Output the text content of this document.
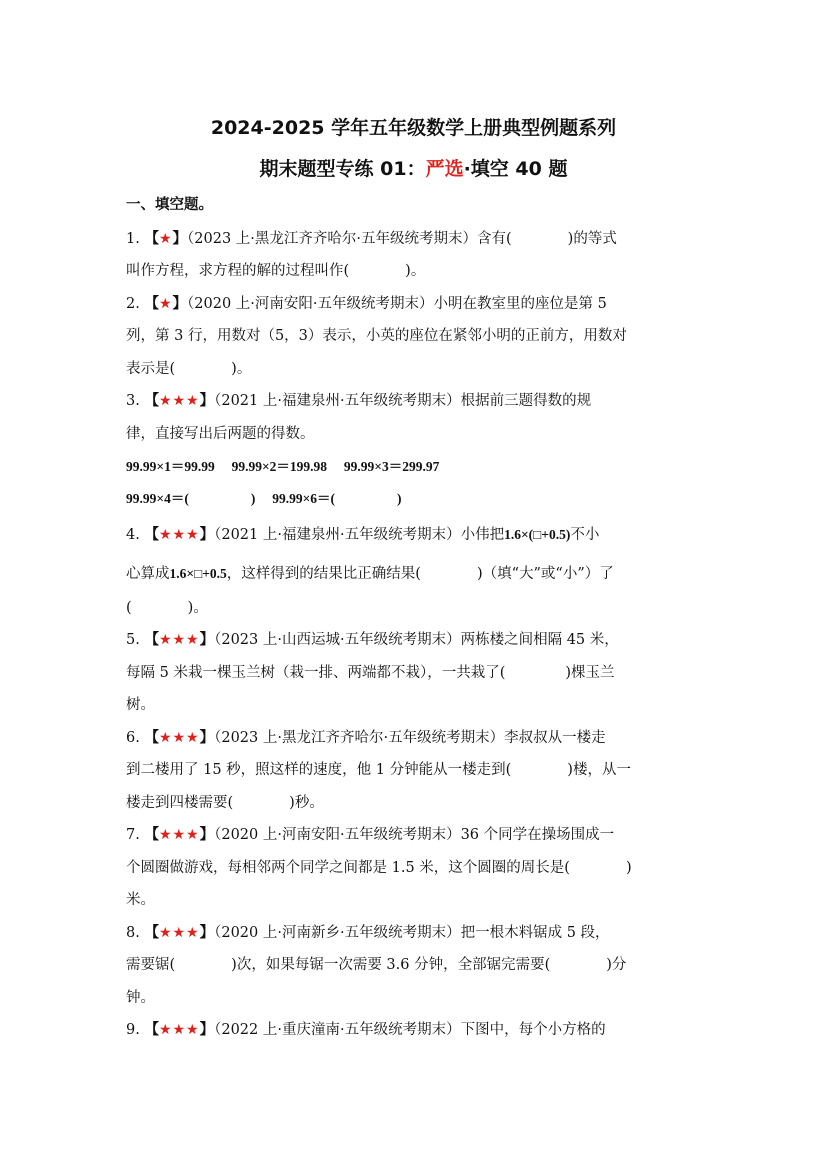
2024-2025 学年五年级数学上册典型例题系列
期末题型专练 01：严选·填空 40 题
一、填空题。
1. 【★】（2023 上·黑龙江齐齐哈尔·五年级统考期末）含有(	)的等式
叫作方程，求方程的解的过程叫作(	)。
2. 【★】（2020 上·河南安阳·五年级统考期末）小明在教室里的座位是第 5
列，第 3 行，用数对（5，3）表示，小英的座位在紧邻小明的正前方，用数对
表示是(	)。
3. 【★★★】（2021 上·福建泉州·五年级统考期末）根据前三题得数的规
律，直接写出后两题的得数。
99.99×1＝99.99　 99.99×2＝199.98　 99.99×3＝299.97
99.99×4＝(	)　 99.99×6＝(	)
4. 【★★★】（2021 上·福建泉州·五年级统考期末）小伟把1.6×(□+0.5)不小
心算成1.6×□+0.5，这样得到的结果比正确结果(	)（填“大”或“小”）了
(	)。
5. 【★★★】（2023 上·山西运城·五年级统考期末）两栋楼之间相隔 45 米，
每隔 5 米栽一棵玉兰树（栽一排、两端都不栽），一共栽了(	)棵玉兰
树。
6. 【★★★】（2023 上·黑龙江齐齐哈尔·五年级统考期末）李叔叔从一楼走
到二楼用了 15 秒，照这样的速度，他 1 分钟能从一楼走到(	)楼，从一
楼走到四楼需要(	)秒。
7. 【★★★】（2020 上·河南安阳·五年级统考期末）36 个同学在操场围成一
个圆圈做游戏，每相邻两个同学之间都是 1.5 米，这个圆圈的周长是(	)
米。
8. 【★★★】（2020 上·河南新乡·五年级统考期末）把一根木料锯成 5 段，
需要锯(	)次，如果每锯一次需要 3.6 分钟，全部锯完需要(	)分
钟。
9. 【★★★】（2022 上·重庆潼南·五年级统考期末）下图中，每个小方格的
